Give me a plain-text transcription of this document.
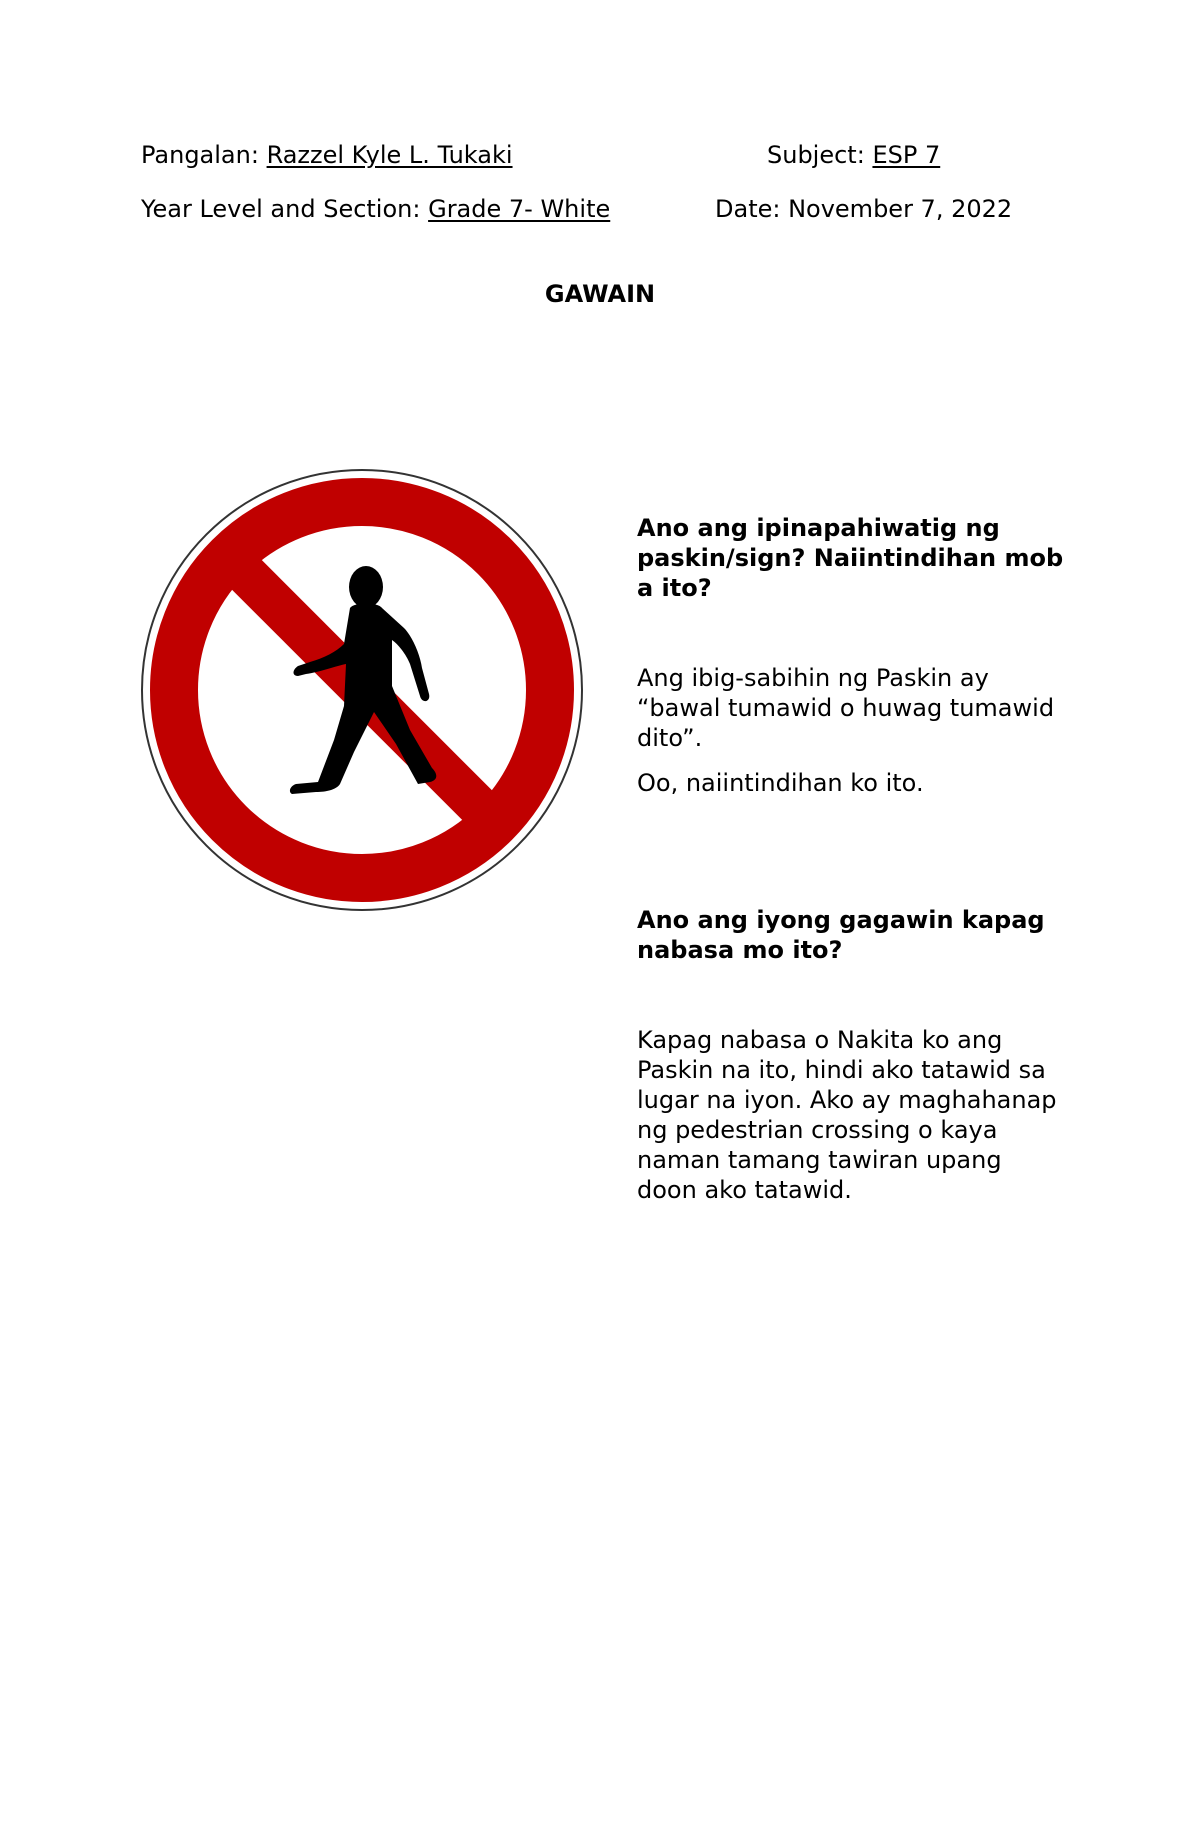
Pangalan: Razzel Kyle L. Tukaki	Subject: ESP 7
Year Level and Section: Grade 7- White	Date: November 7, 2022
GAWAIN

Ano ang ipinapahiwatig ng paskin/sign? Naiintindihan mob a ito?

Ang ibig-sabihin ng Paskin ay “bawal tumawid o huwag tumawid dito”.

Oo, naiintindihan ko ito.

Ano ang iyong gagawin kapag nabasa mo ito?

Kapag nabasa o Nakita ko ang Paskin na ito, hindi ako tatawid sa lugar na iyon. Ako ay maghahanap ng pedestrian crossing o kaya naman tamang tawiran upang doon ako tatawid.
